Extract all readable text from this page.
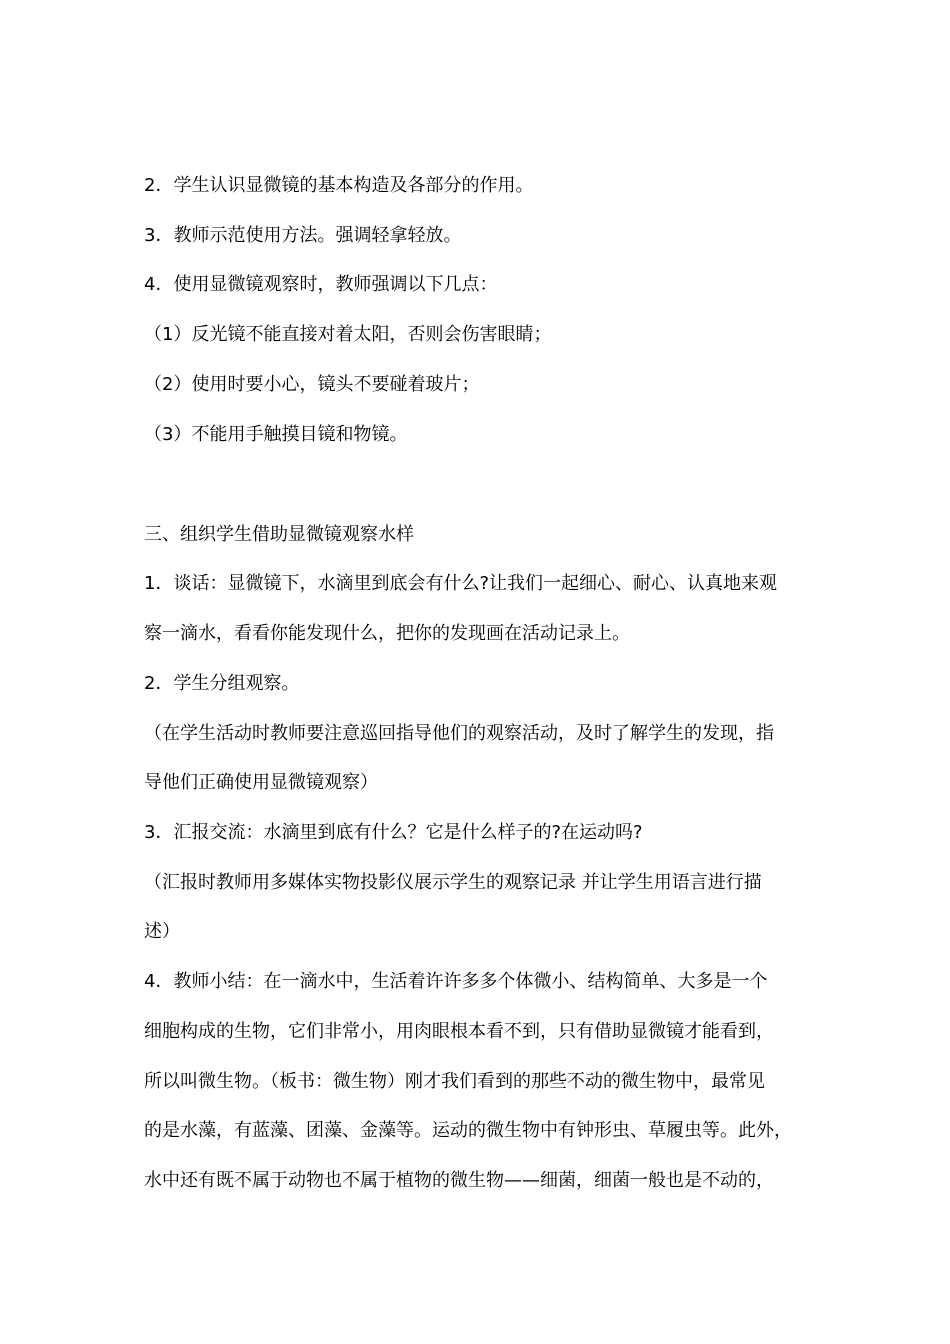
2．学生认识显微镜的基本构造及各部分的作用。
3．教师示范使用方法。强调轻拿轻放。
4．使用显微镜观察时，教师强调以下几点：
（1）反光镜不能直接对着太阳，否则会伤害眼睛；
（2）使用时要小心，镜头不要碰着玻片；
（3）不能用手触摸目镜和物镜。
三、组织学生借助显微镜观察水样
1．谈话：显微镜下，水滴里到底会有什么?让我们一起细心、耐心、认真地来观
察一滴水，看看你能发现什么，把你的发现画在活动记录上。
2．学生分组观察。
（在学生活动时教师要注意巡回指导他们的观察活动，及时了解学生的发现，指
导他们正确使用显微镜观察）
3．汇报交流：水滴里到底有什么？它是什么样子的?在运动吗?
（汇报时教师用多媒体实物投影仪展示学生的观察记录 并让学生用语言进行描
述）
4．教师小结：在一滴水中，生活着许许多多个体微小、结构简单、大多是一个
细胞构成的生物，它们非常小，用肉眼根本看不到，只有借助显微镜才能看到，
所以叫微生物。（板书：微生物）刚才我们看到的那些不动的微生物中，最常见
的是水藻，有蓝藻、团藻、金藻等。运动的微生物中有钟形虫、草履虫等。此外，
水中还有既不属于动物也不属于植物的微生物——细菌，细菌一般也是不动的，
